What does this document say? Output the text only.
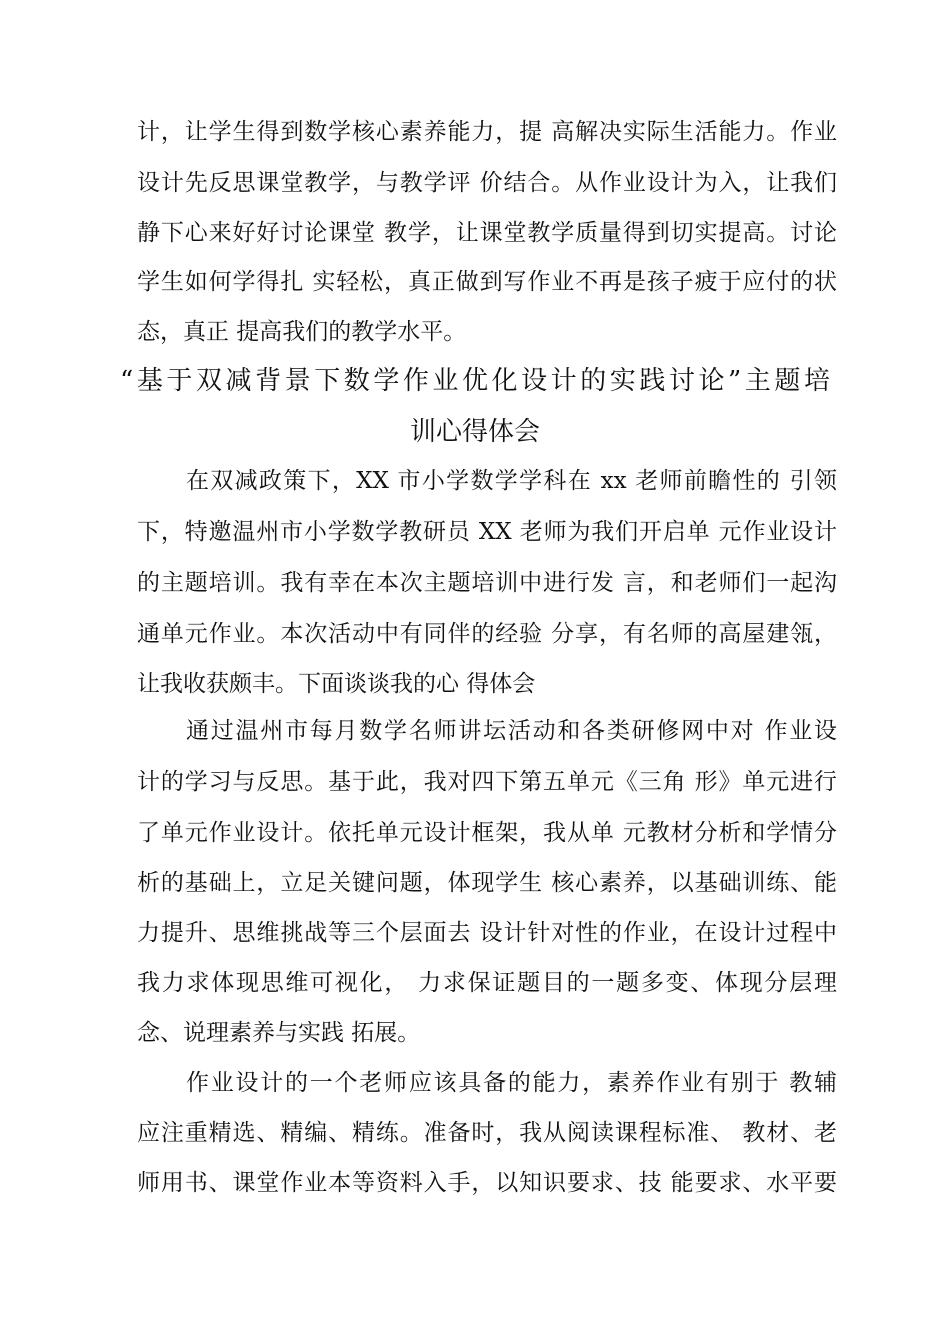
计，让学生得到数学核心素养能力，提 高解决实际生活能力。作业
设计先反思课堂教学，与教学评 价结合。从作业设计为入，让我们
静下心来好好讨论课堂 教学，让课堂教学质量得到切实提高。讨论
学生如何学得扎 实轻松，真正做到写作业不再是孩子疲于应付的状
态，真正 提高我们的教学水平。
“基于双减背景下数学作业优化设计的实践讨论”主题培
训心得体会
在双减政策下，XX 市小学数学学科在 xx 老师前瞻性的 引领
下，特邀温州市小学数学教研员 XX 老师为我们开启单 元作业设计
的主题培训。我有幸在本次主题培训中进行发 言，和老师们一起沟
通单元作业。本次活动中有同伴的经验 分享，有名师的高屋建瓴，
让我收获颇丰。下面谈谈我的心 得体会
通过温州市每月数学名师讲坛活动和各类研修网中对 作业设
计的学习与反思。基于此，我对四下第五单元《三角 形》单元进行
了单元作业设计。依托单元设计框架，我从单 元教材分析和学情分
析的基础上，立足关键问题，体现学生 核心素养，以基础训练、能
力提升、思维挑战等三个层面去 设计针对性的作业，在设计过程中
我力求体现思维可视化， 力求保证题目的一题多变、体现分层理
念、说理素养与实践 拓展。
作业设计的一个老师应该具备的能力，素养作业有别于 教辅
应注重精选、精编、精练。准备时，我从阅读课程标准、 教材、老
师用书、课堂作业本等资料入手，以知识要求、技 能要求、水平要
